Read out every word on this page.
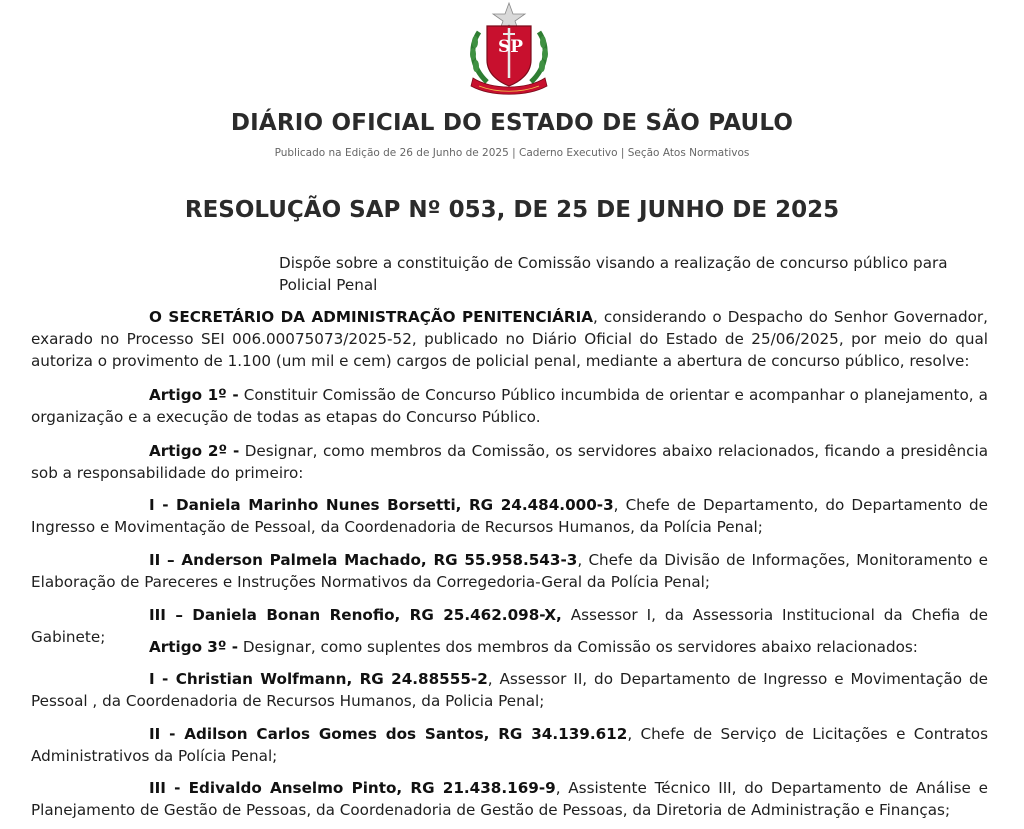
SP
DIÁRIO OFICIAL DO ESTADO DE SÃO PAULO
Publicado na Edição de 26 de Junho de 2025 | Caderno Executivo | Seção Atos Normativos
RESOLUÇÃO SAP Nº 053, DE 25 DE JUNHO DE 2025
Dispõe sobre a constituição de Comissão visando a realização de concurso público para Policial Penal

O SECRETÁRIO DA ADMINISTRAÇÃO PENITENCIÁRIA, considerando o Despacho do Senhor Governador, exarado no Processo SEI 006.00075073/2025-52, publicado no Diário Oficial do Estado de 25/06/2025, por meio do qual autoriza o provimento de 1.100 (um mil e cem) cargos de policial penal, mediante a abertura de concurso público, resolve:

Artigo 1º - Constituir Comissão de Concurso Público incumbida de orientar e acompanhar o planejamento, a organização e a execução de todas as etapas do Concurso Público.

Artigo 2º - Designar, como membros da Comissão, os servidores abaixo relacionados, ficando a presidência sob a responsabilidade do primeiro:

I - Daniela Marinho Nunes Borsetti, RG 24.484.000-3, Chefe de Departamento, do Departamento de Ingresso e Movimentação de Pessoal, da Coordenadoria de Recursos Humanos, da Polícia Penal;

II – Anderson Palmela Machado, RG 55.958.543-3, Chefe da Divisão de Informações, Monitoramento e Elaboração de Pareceres e Instruções Normativos da Corregedoria-Geral da Polícia Penal;

III – Daniela Bonan Renofio, RG 25.462.098-X, Assessor I, da Assessoria Institucional da Chefia de Gabinete;

Artigo 3º - Designar, como suplentes dos membros da Comissão os servidores abaixo relacionados:

I - Christian Wolfmann, RG 24.88555-2, Assessor II, do Departamento de Ingresso e Movimentação de Pessoal , da Coordenadoria de Recursos Humanos, da Policia Penal;

II - Adilson Carlos Gomes dos Santos, RG 34.139.612, Chefe de Serviço de Licitações e Contratos Administrativos da Polícia Penal;

III - Edivaldo Anselmo Pinto, RG 21.438.169-9, Assistente Técnico III, do Departamento de Análise e Planejamento de Gestão de Pessoas, da Coordenadoria de Gestão de Pessoas, da Diretoria de Administração e Finanças;
